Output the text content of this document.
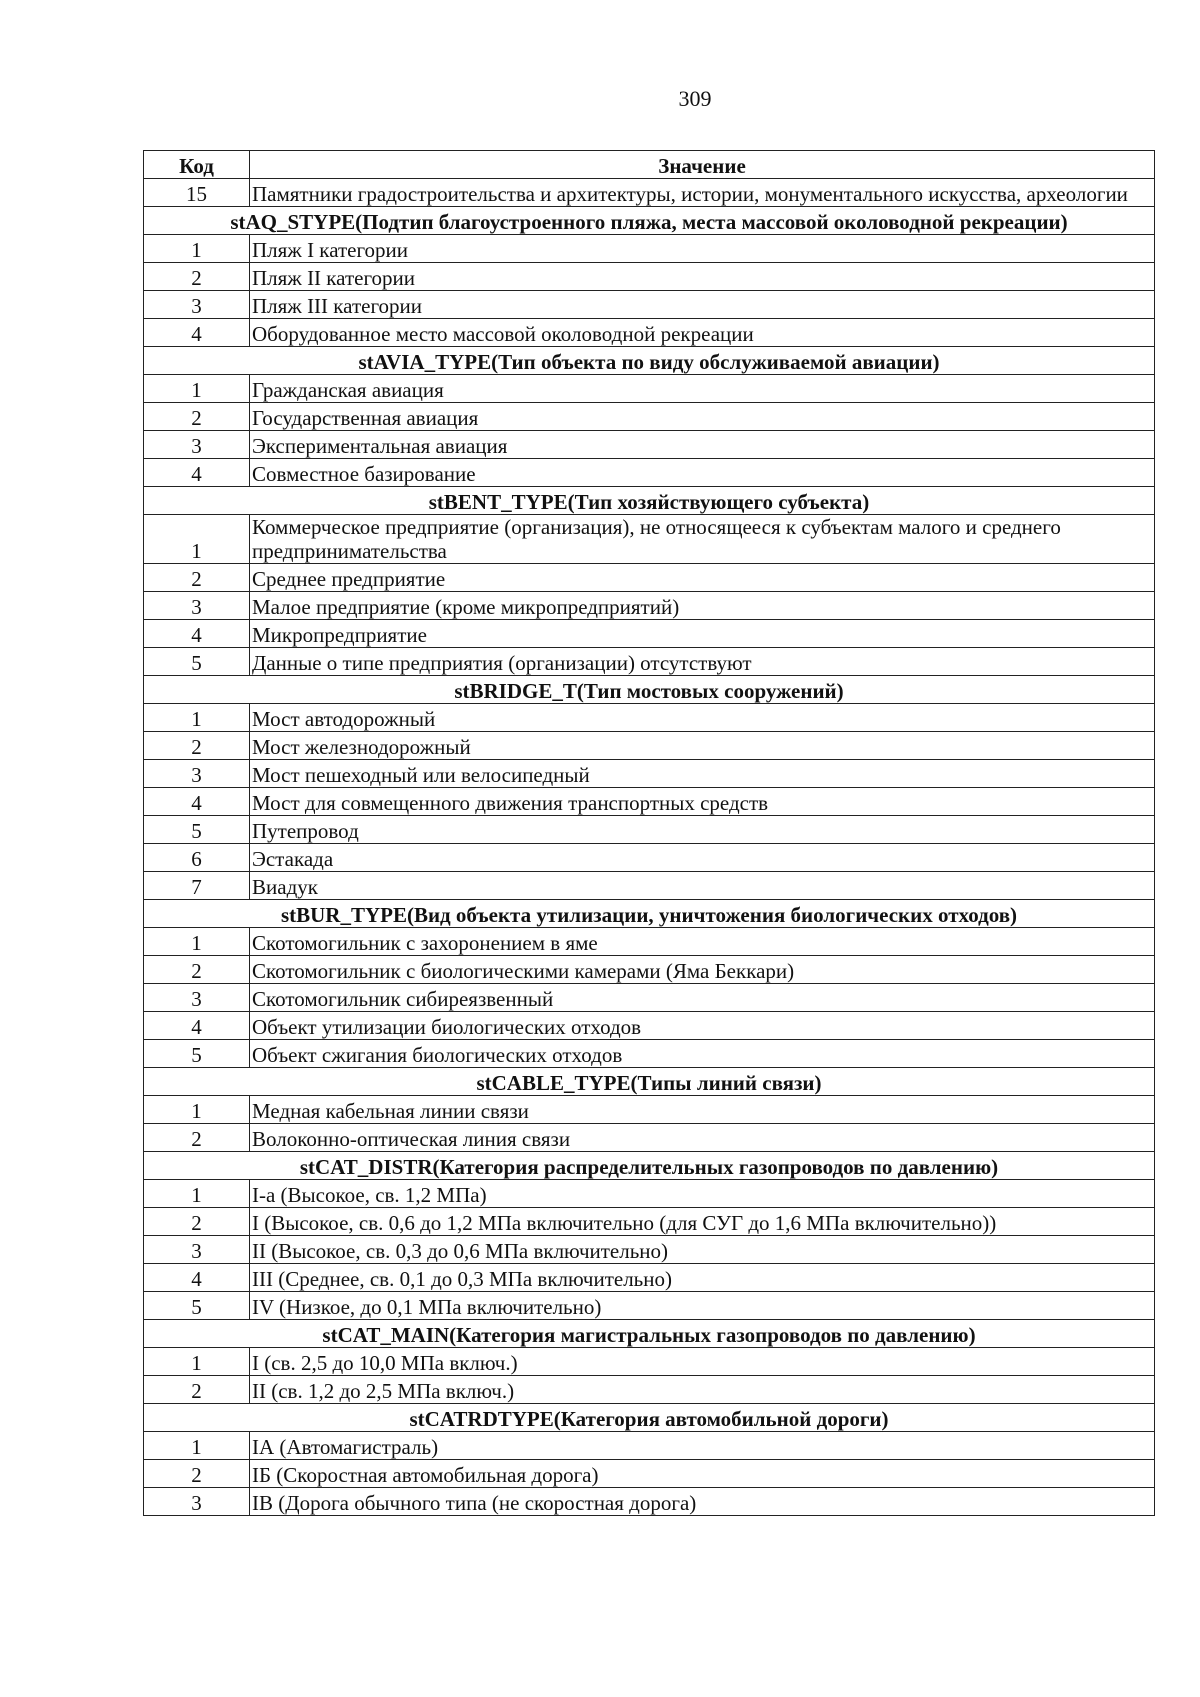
309
Код	Значение
15	Памятники градостроительства и архитектуры, истории, монументального искусства, археологии
stAQ_STYPE(Подтип благоустроенного пляжа, места массовой околоводной рекреации)	
1	Пляж I категории
2	Пляж II категории
3	Пляж III категории
4	Оборудованное место массовой околоводной рекреации
stAVIA_TYPE(Тип объекта по виду обслуживаемой авиации)	
1	Гражданская авиация
2	Государственная авиация
3	Экспериментальная авиация
4	Совместное базирование
stBENT_TYPE(Тип хозяйствующего субъекта)	
1	Коммерческое предприятие (организация), не относящееся к субъектам малого и среднего предпринимательства
2	Среднее предприятие
3	Малое предприятие (кроме микропредприятий)
4	Микропредприятие
5	Данные о типе предприятия (организации) отсутствуют
stBRIDGE_T(Тип мостовых сооружений)	
1	Мост автодорожный
2	Мост железнодорожный
3	Мост пешеходный или велосипедный
4	Мост для совмещенного движения транспортных средств
5	Путепровод
6	Эстакада
7	Виадук
stBUR_TYPE(Вид объекта утилизации, уничтожения биологических отходов)	
1	Скотомогильник с захоронением в яме
2	Скотомогильник с биологическими камерами (Яма Беккари)
3	Скотомогильник сибиреязвенный
4	Объект утилизации биологических отходов
5	Объект сжигания биологических отходов
stCABLE_TYPE(Типы линий связи)	
1	Медная кабельная линии связи
2	Волоконно-оптическая линия связи
stCAT_DISTR(Категория распределительных газопроводов по давлению)	
1	I-а (Высокое, св. 1,2 МПа)
2	I (Высокое, св. 0,6 до 1,2 МПа включительно (для СУГ до 1,6 МПа включительно))
3	II (Высокое, св. 0,3 до 0,6 МПа включительно)
4	III (Среднее, св. 0,1 до 0,3 МПа включительно)
5	IV (Низкое, до 0,1 МПа включительно)
stCAT_MAIN(Категория магистральных газопроводов по давлению)	
1	I (св. 2,5 до 10,0 МПа включ.)
2	II (св. 1,2 до 2,5 МПа включ.)
stCATRDTYPE(Категория автомобильной дороги)	
1	IА (Автомагистраль)
2	IБ (Скоростная автомобильная дорога)
3	IВ (Дорога обычного типа (не скоростная дорога)
